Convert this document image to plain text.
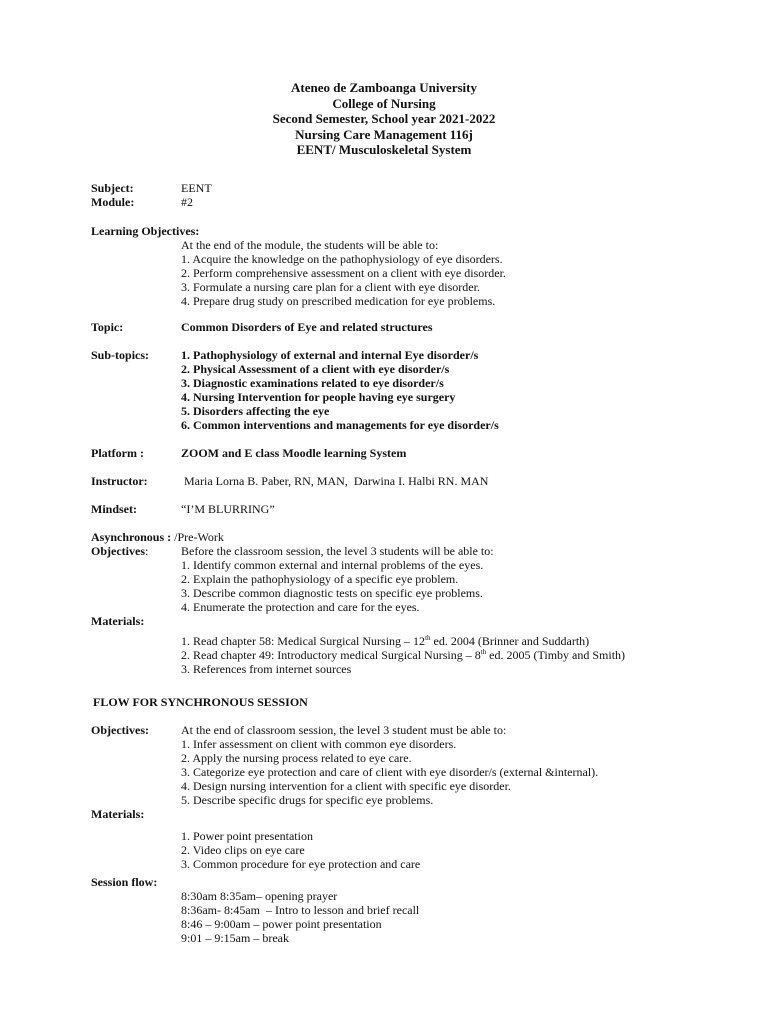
Ateneo de Zamboanga University
College of Nursing
Second Semester, School year 2021-2022
Nursing Care Management 116j
EENT/ Musculoskeletal System
Subject:	EENT
Module:	#2
Learning Objectives:
At the end of the module, the students will be able to:
1. Acquire the knowledge on the pathophysiology of eye disorders.
2. Perform comprehensive assessment on a client with eye disorder.
3. Formulate a nursing care plan for a client with eye disorder.
4. Prepare drug study on prescribed medication for eye problems.
Topic:	Common Disorders of Eye and related structures
Sub-topics:	1. Pathophysiology of external and internal Eye disorder/s
2. Physical Assessment of a client with eye disorder/s
3. Diagnostic examinations related to eye disorder/s
4. Nursing Intervention for people having eye surgery
5. Disorders affecting the eye
6. Common interventions and managements for eye disorder/s
Platform :	ZOOM and E class Moodle learning System
Instructor:	Maria Lorna B. Paber, RN, MAN,  Darwina I. Halbi RN. MAN
Mindset:	“I’M BLURRING”
Asynchronous : /Pre-Work
Objectives:	Before the classroom session, the level 3 students will be able to:
1. Identify common external and internal problems of the eyes.
2. Explain the pathophysiology of a specific eye problem.
3. Describe common diagnostic tests on specific eye problems.
4. Enumerate the protection and care for the eyes.
Materials:
1. Read chapter 58: Medical Surgical Nursing – 12th ed. 2004 (Brinner and Suddarth)
2. Read chapter 49: Introductory medical Surgical Nursing – 8th ed. 2005 (Timby and Smith)
3. References from internet sources
FLOW FOR SYNCHRONOUS SESSION
Objectives:	At the end of classroom session, the level 3 student must be able to:
1. Infer assessment on client with common eye disorders.
2. Apply the nursing process related to eye care.
3. Categorize eye protection and care of client with eye disorder/s (external &internal).
4. Design nursing intervention for a client with specific eye disorder.
5. Describe specific drugs for specific eye problems.
Materials:
1. Power point presentation
2. Video clips on eye care
3. Common procedure for eye protection and care
Session flow:
8:30am 8:35am– opening prayer
8:36am- 8:45am  – Intro to lesson and brief recall
8:46 – 9:00am – power point presentation
9:01 – 9:15am – break
